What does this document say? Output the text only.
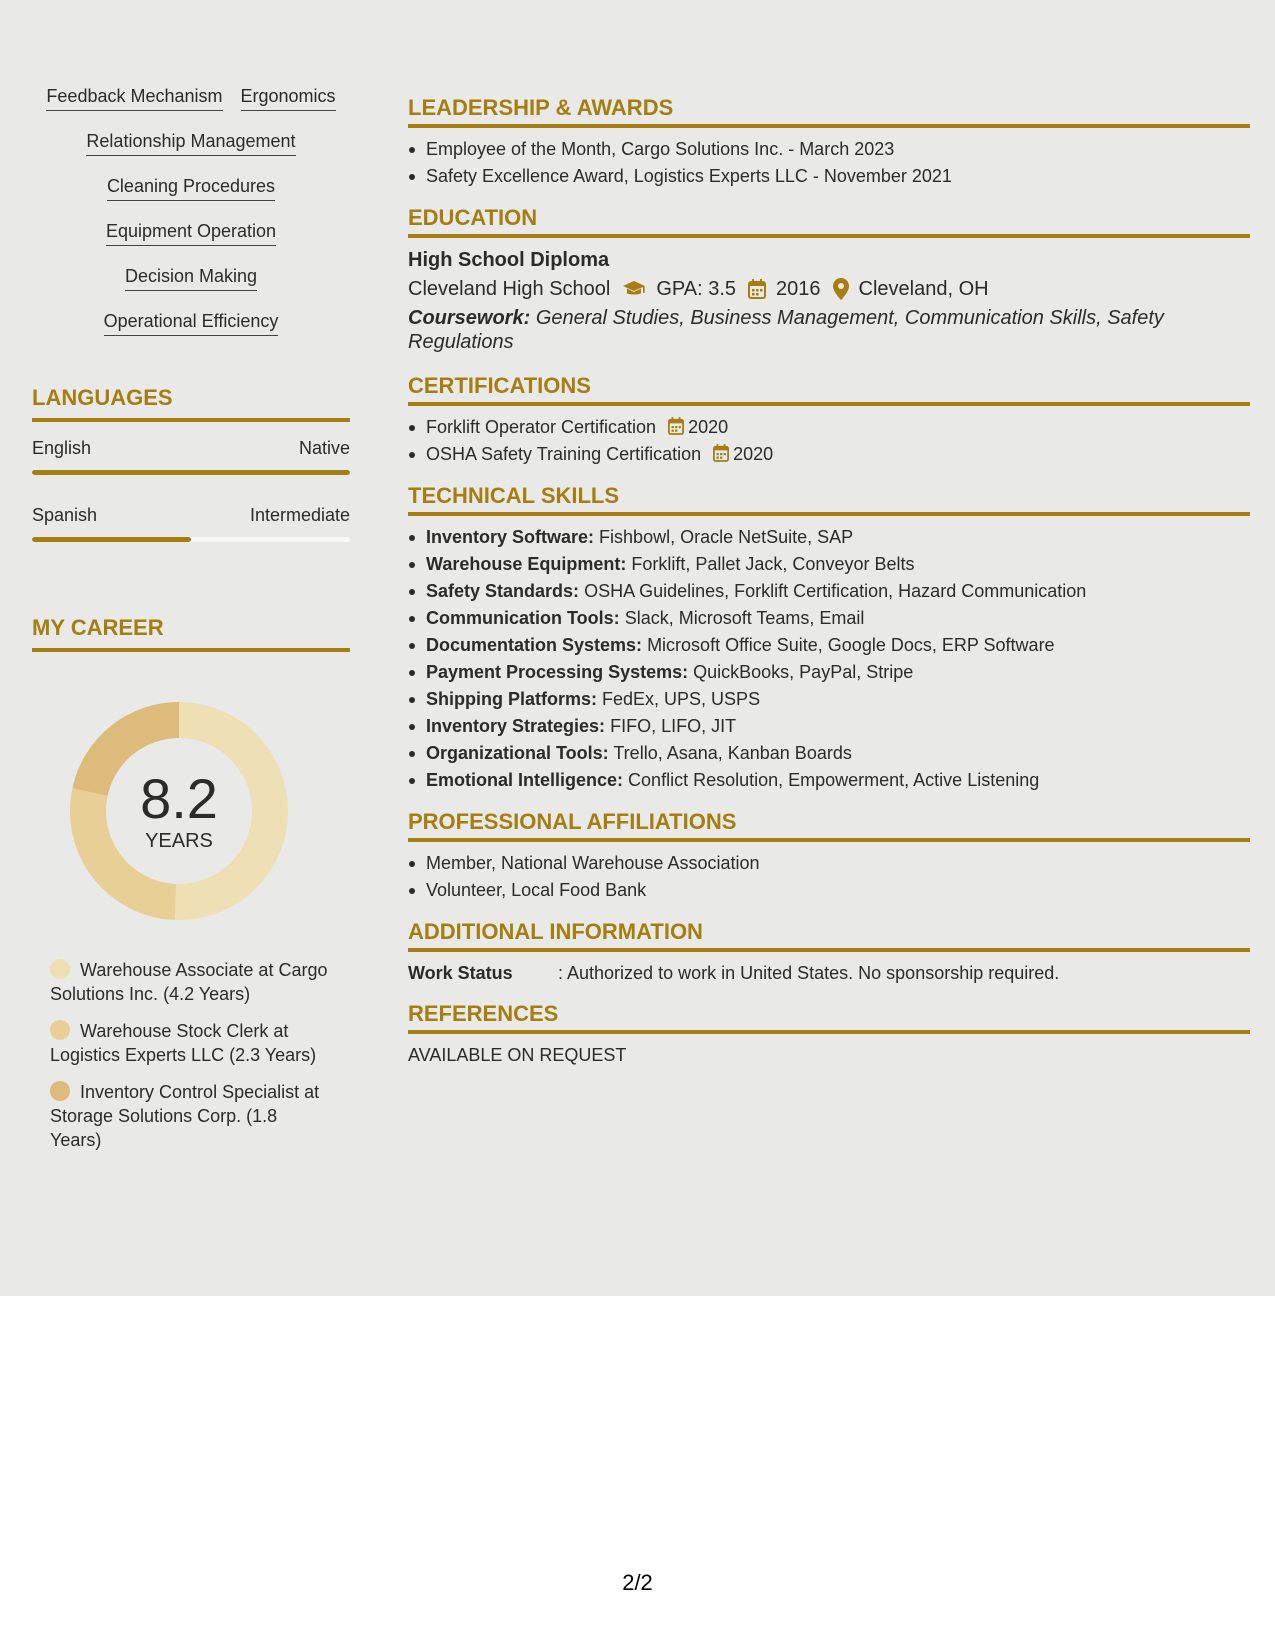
Feedback Mechanism Ergonomics
Relationship Management
Cleaning Procedures
Equipment Operation
Decision Making
Operational Efficiency
LANGUAGES
English	Native
Spanish	Intermediate
MY CAREER
8.2
YEARS
Warehouse Associate at Cargo Solutions Inc. (4.2 Years)
Warehouse Stock Clerk at Logistics Experts LLC (2.3 Years)
Inventory Control Specialist at Storage Solutions Corp. (1.8 Years)
LEADERSHIP & AWARDS
Employee of the Month, Cargo Solutions Inc. - March 2023
Safety Excellence Award, Logistics Experts LLC - November 2021
EDUCATION
High School Diploma
Cleveland High School GPA: 3.5 2016 Cleveland, OH
Coursework: General Studies, Business Management, Communication Skills, Safety Regulations
CERTIFICATIONS
Forklift Operator Certification 2020
OSHA Safety Training Certification 2020
TECHNICAL SKILLS
Inventory Software: Fishbowl, Oracle NetSuite, SAP
Warehouse Equipment: Forklift, Pallet Jack, Conveyor Belts
Safety Standards: OSHA Guidelines, Forklift Certification, Hazard Communication
Communication Tools: Slack, Microsoft Teams, Email
Documentation Systems: Microsoft Office Suite, Google Docs, ERP Software
Payment Processing Systems: QuickBooks, PayPal, Stripe
Shipping Platforms: FedEx, UPS, USPS
Inventory Strategies: FIFO, LIFO, JIT
Organizational Tools: Trello, Asana, Kanban Boards
Emotional Intelligence: Conflict Resolution, Empowerment, Active Listening
PROFESSIONAL AFFILIATIONS
Member, National Warehouse Association
Volunteer, Local Food Bank
ADDITIONAL INFORMATION
Work Status	: Authorized to work in United States. No sponsorship required.
REFERENCES
AVAILABLE ON REQUEST
2/2
